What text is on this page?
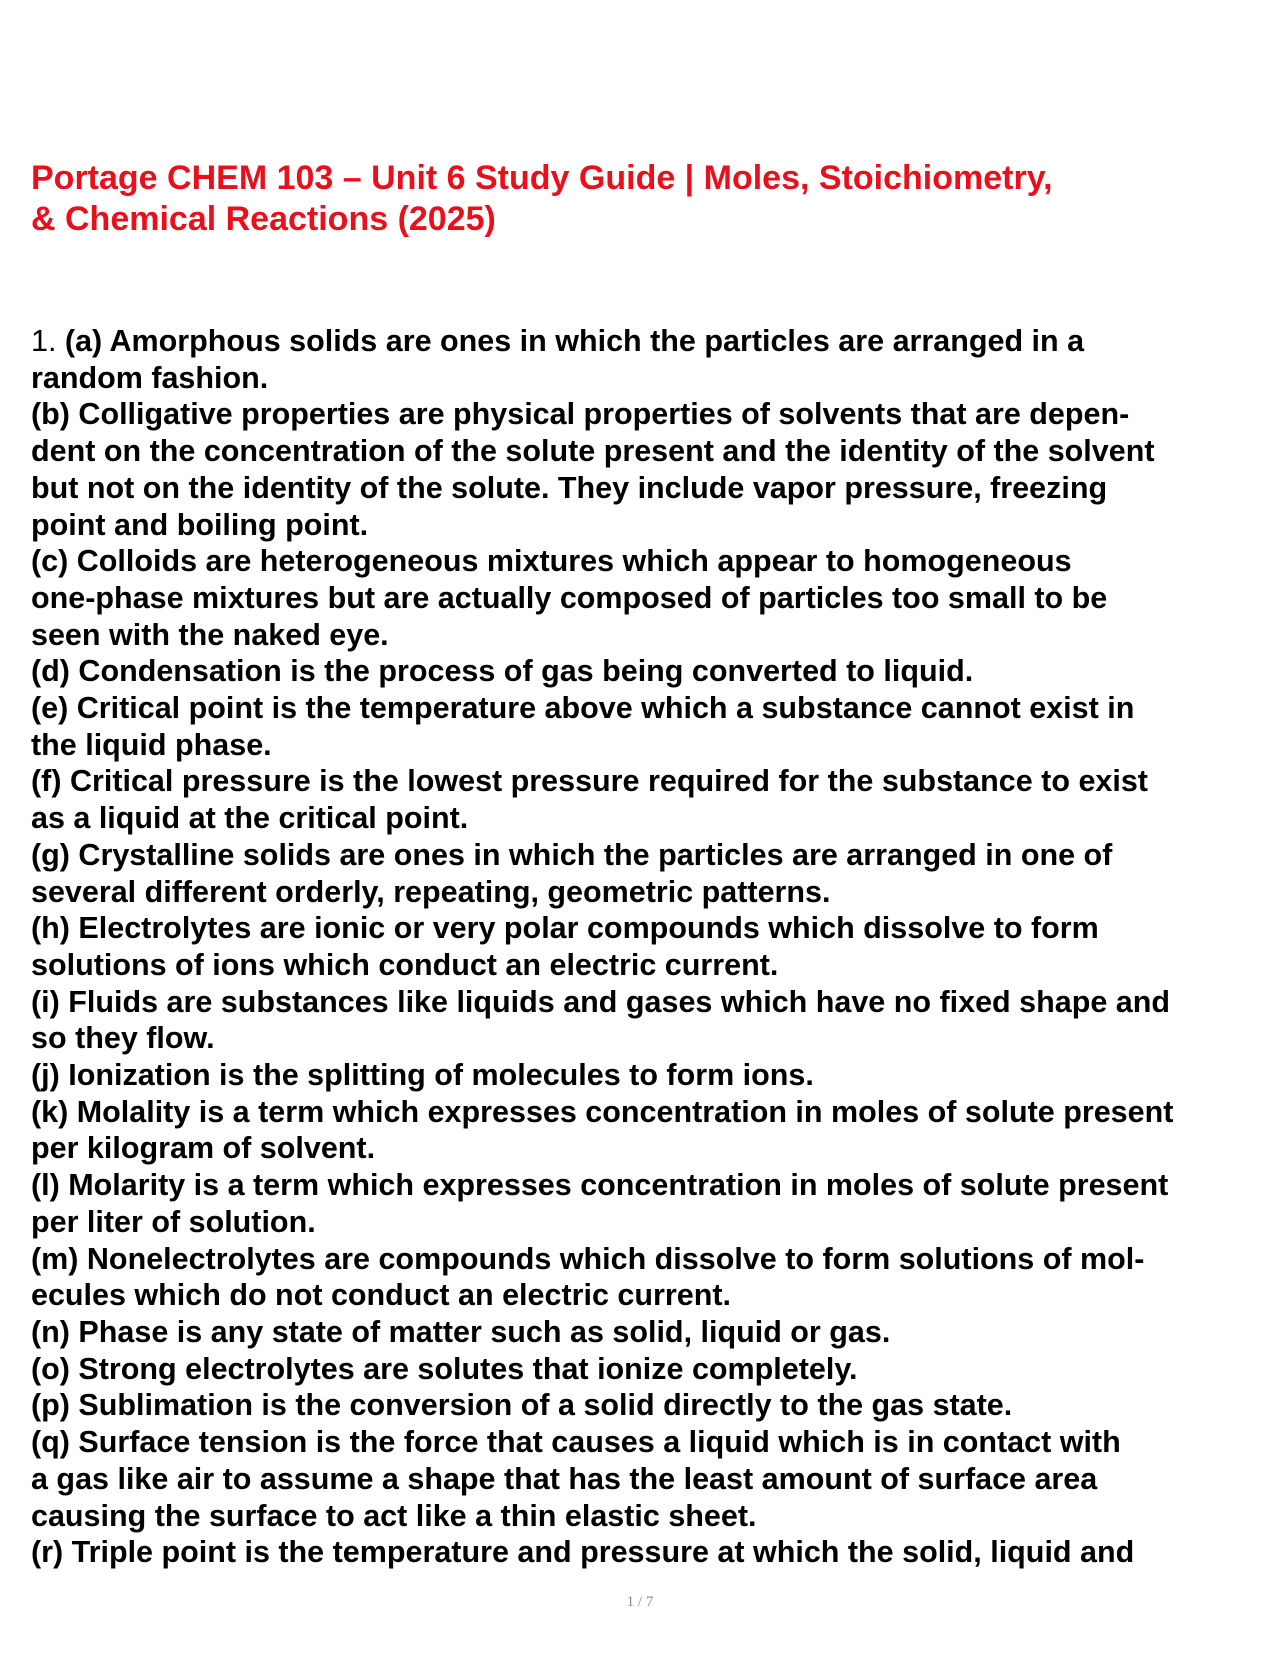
Portage CHEM 103 – Unit 6 Study Guide | Moles, Stoichiometry,
& Chemical Reactions (2025)
1. (a) Amorphous solids are ones in which the particles are arranged in a
random fashion.
(b) Colligative properties are physical properties of solvents that are depen-
dent on the concentration of the solute present and the identity of the solvent
but not on the identity of the solute. They include vapor pressure, freezing
point and boiling point.
(c) Colloids are heterogeneous mixtures which appear to homogeneous
one-phase mixtures but are actually composed of particles too small to be
seen with the naked eye.
(d) Condensation is the process of gas being converted to liquid.
(e) Critical point is the temperature above which a substance cannot exist in
the liquid phase.
(f) Critical pressure is the lowest pressure required for the substance to exist
as a liquid at the critical point.
(g) Crystalline solids are ones in which the particles are arranged in one of
several different orderly, repeating, geometric patterns.
(h) Electrolytes are ionic or very polar compounds which dissolve to form
solutions of ions which conduct an electric current.
(i) Fluids are substances like liquids and gases which have no fixed shape and
so they flow.
(j) Ionization is the splitting of molecules to form ions.
(k) Molality is a term which expresses concentration in moles of solute present
per kilogram of solvent.
(l) Molarity is a term which expresses concentration in moles of solute present
per liter of solution.
(m) Nonelectrolytes are compounds which dissolve to form solutions of mol-
ecules which do not conduct an electric current.
(n) Phase is any state of matter such as solid, liquid or gas.
(o) Strong electrolytes are solutes that ionize completely.
(p) Sublimation is the conversion of a solid directly to the gas state.
(q) Surface tension is the force that causes a liquid which is in contact with
a gas like air to assume a shape that has the least amount of surface area
causing the surface to act like a thin elastic sheet.
(r) Triple point is the temperature and pressure at which the solid, liquid and
1 / 7
